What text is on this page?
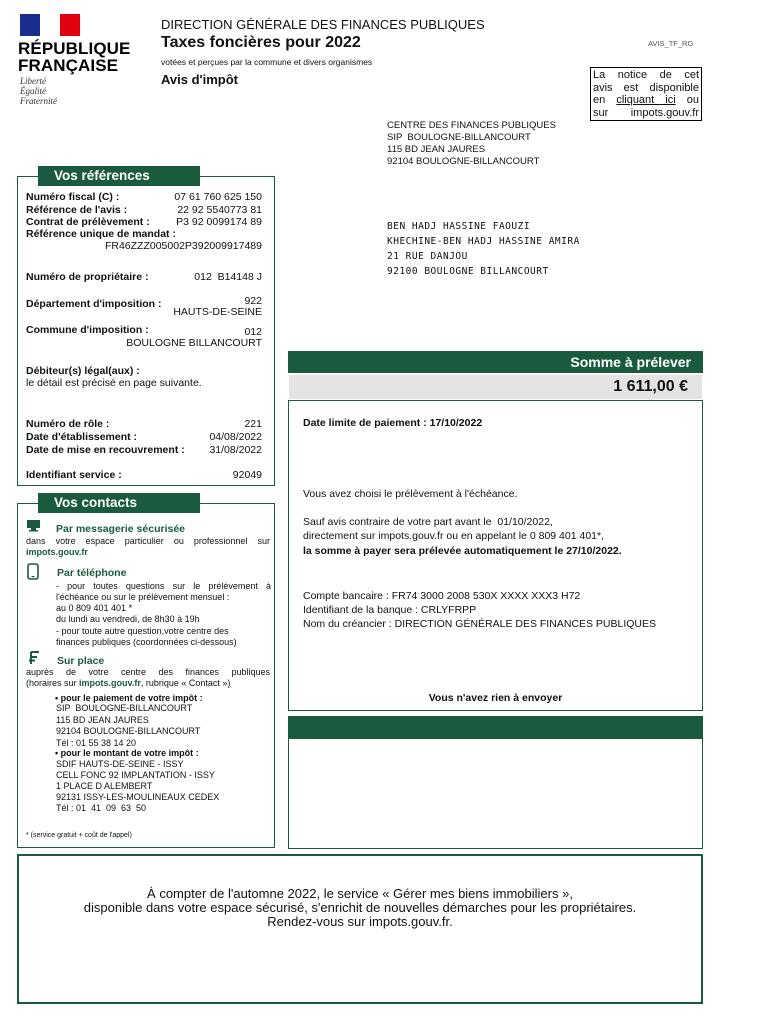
RÉPUBLIQUE
FRANÇAISE
Liberté
Égalité
Fraternité
DIRECTION GÉNÉRALE DES FINANCES PUBLIQUES
Taxes foncières pour 2022
votées et perçues par la commune et divers organismes
Avis d'impôt
AVIS_TF_RG
La notice de cet
avis est disponible
en cliquant ici ou
sur impots.gouv.fr
CENTRE DES FINANCES PUBLIQUES
SIP  BOULOGNE-BILLANCOURT
115 BD JEAN JAURES
92104 BOULOGNE-BILLANCOURT
BEN HADJ HASSINE FAOUZI
KHECHINE-BEN HADJ HASSINE AMIRA
21 RUE DANJOU
92100 BOULOGNE BILLANCOURT
Vos références
Numéro fiscal (C) :	07 61 760 625 150
Référence de l'avis :	22 92 5540773 81
Contrat de prélèvement :	P3 92 0099174 89
Référence unique de mandat :
FR46ZZZ005002P392009917489
Numéro de propriétaire :	012  B14148 J
Département d'imposition :	922
HAUTS-DE-SEINE
Commune d'imposition :	012
BOULOGNE BILLANCOURT
Débiteur(s) légal(aux) :
le détail est précisé en page suivante.
Numéro de rôle :	221
Date d'établissement :	04/08/2022
Date de mise en recouvrement : 31/08/2022
Identifiant service :	92049
Vos contacts
Par messagerie sécurisée
dans votre espace particulier ou professionnel sur
impots.gouv.fr
Par téléphone
- pour toutes questions sur le prélèvement à
l'échéance ou sur le prélèvement mensuel :
au 0 809 401 401 *
du lundi au vendredi, de 8h30 à 19h
- pour toute autre question,votre centre des
finances publiques (coordonnées ci-dessous)
Sur place
auprès de votre centre des finances publiques
(horaires sur impots.gouv.fr, rubrique « Contact »)
• pour le paiement de votre impôt :
SIP  BOULOGNE-BILLANCOURT
115 BD JEAN JAURES
92104 BOULOGNE-BILLANCOURT
Tél : 01 55 38 14 20
• pour le montant de votre impôt :
SDIF HAUTS-DE-SEINE - ISSY
CELL FONC 92 IMPLANTATION - ISSY
1 PLACE D ALEMBERT
92131 ISSY-LES-MOULINEAUX CEDEX
Tél : 01  41  09  63  50
* (service gratuit + coût de l'appel)
Somme à prélever
1 611,00 €
Date limite de paiement : 17/10/2022
Vous avez choisi le prélèvement à l'échéance.
Sauf avis contraire de votre part avant le  01/10/2022,
directement sur impots.gouv.fr ou en appelant le 0 809 401 401*,
la somme à payer sera prélevée automatiquement le 27/10/2022.
Compte bancaire : FR74 3000 2008 530X XXXX XXX3 H72
Identifiant de la banque : CRLYFRPP
Nom du créancier : DIRECTION GÉNÉRALE DES FINANCES PUBLIQUES
Vous n'avez rien à envoyer
À compter de l'automne 2022, le service « Gérer mes biens immobiliers »,
disponible dans votre espace sécurisé, s'enrichit de nouvelles démarches pour les propriétaires.
Rendez-vous sur impots.gouv.fr.
